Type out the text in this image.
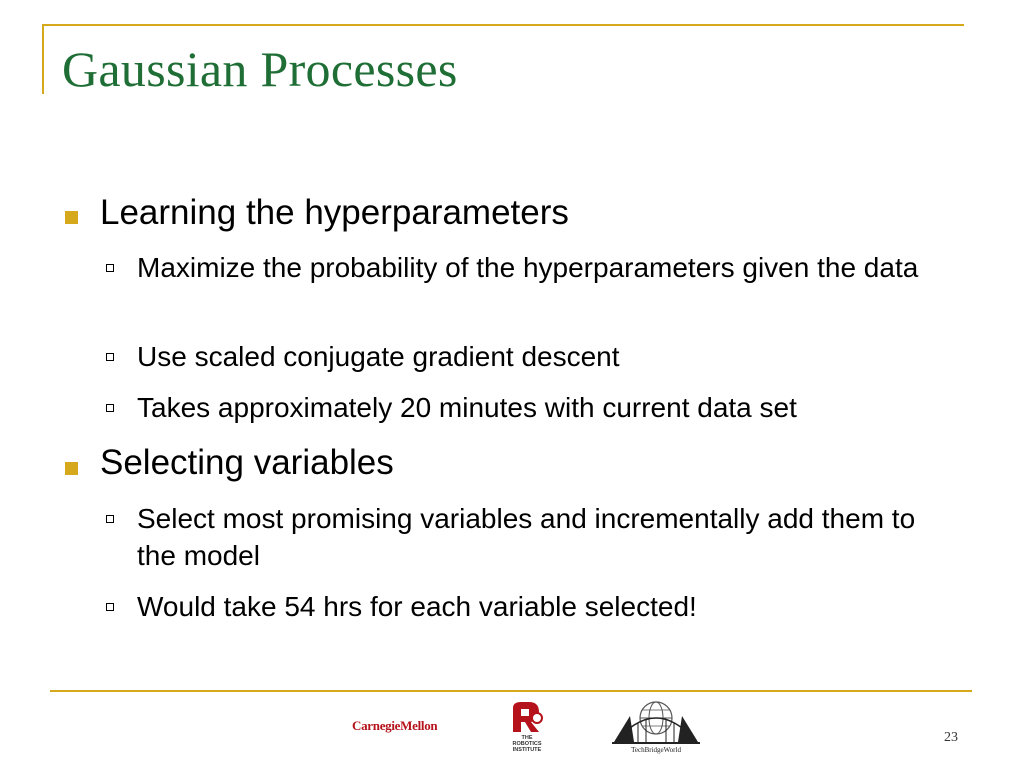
Gaussian Processes
Learning the hyperparameters
Maximize the probability of the hyperparameters given the data
Use scaled conjugate gradient descent
Takes approximately 20 minutes with current data set
Selecting variables
Select most promising variables and incrementally add them to the model
Would take 54 hrs for each variable selected!
CarnegieMellon
THE
ROBOTICS
INSTITUTE	TechBridgeWorld
23
